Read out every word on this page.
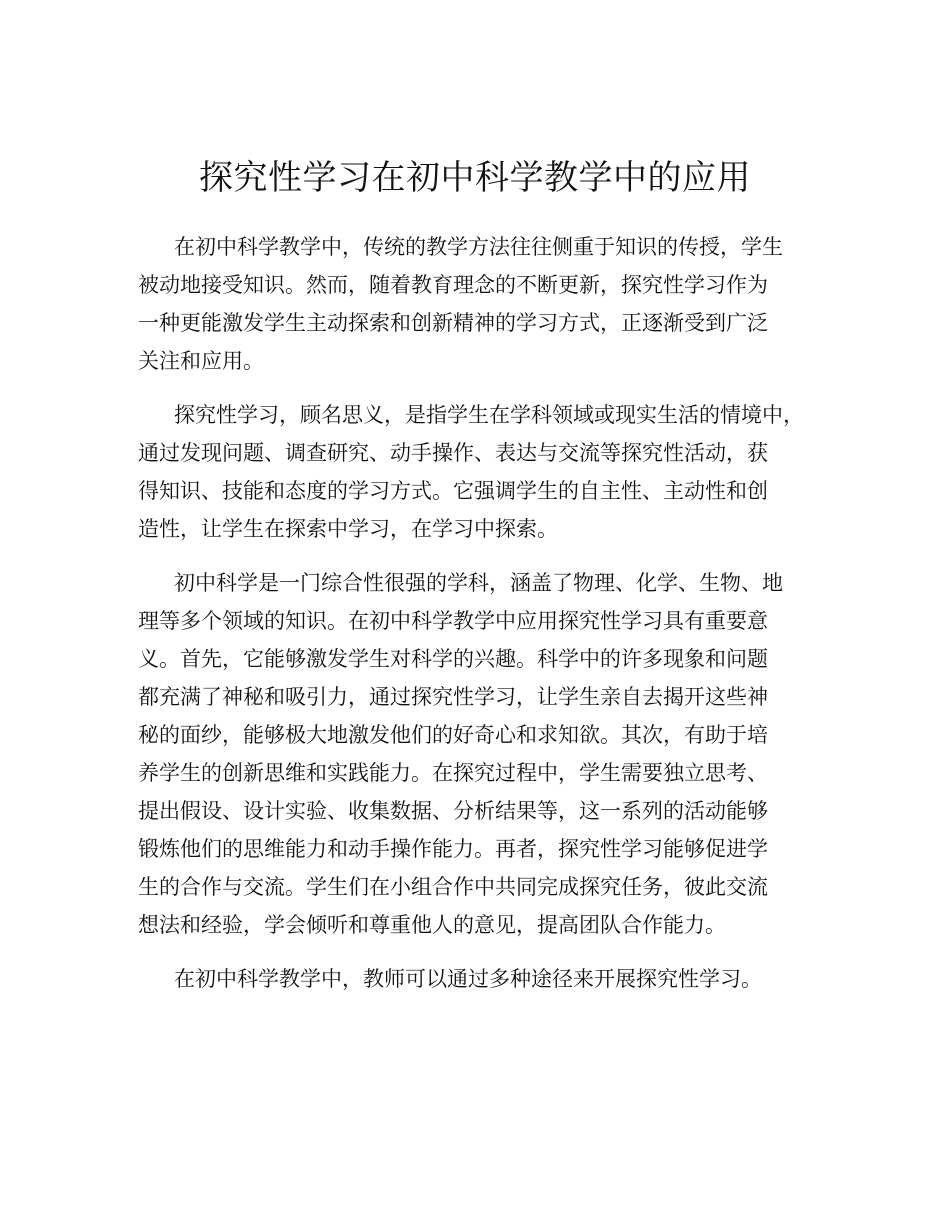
探究性学习在初中科学教学中的应用

在初中科学教学中，传统的教学方法往往侧重于知识的传授，学生
被动地接受知识。然而，随着教育理念的不断更新，探究性学习作为
一种更能激发学生主动探索和创新精神的学习方式，正逐渐受到广泛
关注和应用。

探究性学习，顾名思义，是指学生在学科领域或现实生活的情境中，
通过发现问题、调查研究、动手操作、表达与交流等探究性活动，获
得知识、技能和态度的学习方式。它强调学生的自主性、主动性和创
造性，让学生在探索中学习，在学习中探索。

初中科学是一门综合性很强的学科，涵盖了物理、化学、生物、地
理等多个领域的知识。在初中科学教学中应用探究性学习具有重要意
义。首先，它能够激发学生对科学的兴趣。科学中的许多现象和问题
都充满了神秘和吸引力，通过探究性学习，让学生亲自去揭开这些神
秘的面纱，能够极大地激发他们的好奇心和求知欲。其次，有助于培
养学生的创新思维和实践能力。在探究过程中，学生需要独立思考、
提出假设、设计实验、收集数据、分析结果等，这一系列的活动能够
锻炼他们的思维能力和动手操作能力。再者，探究性学习能够促进学
生的合作与交流。学生们在小组合作中共同完成探究任务，彼此交流
想法和经验，学会倾听和尊重他人的意见，提高团队合作能力。

在初中科学教学中，教师可以通过多种途径来开展探究性学习。
